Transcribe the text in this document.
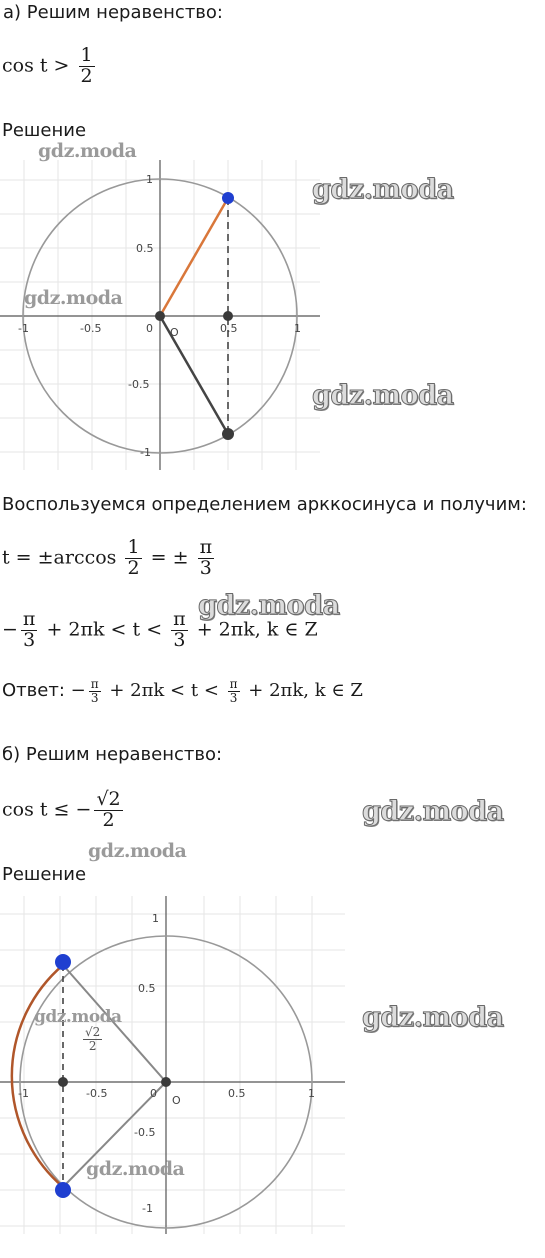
а) Решим неравенство:
$\cos t > \frac{1}{2}$
Решение
O
-1	-0.5	0	0.5	1
1
0.5
-0.5
-1
gdz.moda
gdz.moda
gdz.moda
gdz.moda
Воспользуемся определением арккосинуса и получим:
$t = \pm\arccos \frac{1}{2}$ = ± $\frac{\pi}{3}$
gdz.moda
− $\frac{\pi}{3} + 2\pi k < t < \frac{\pi}{3} + 2\pi k$, k ∈ Z
Ответ: − $\frac{\pi}{3} + 2\pi k < t < \frac{\pi}{3} + 2\pi k$, k ∈ Z
б) Решим неравенство:
cos t ≤ − $\frac{√2}{2}$	gdz.moda
gdz.moda
Решение
O
-1	-0.5	0	0.5	1
1
0.5
-0.5
-1
$\frac{√2}{2}$
gdz.moda
gdz.moda
gdz.moda
